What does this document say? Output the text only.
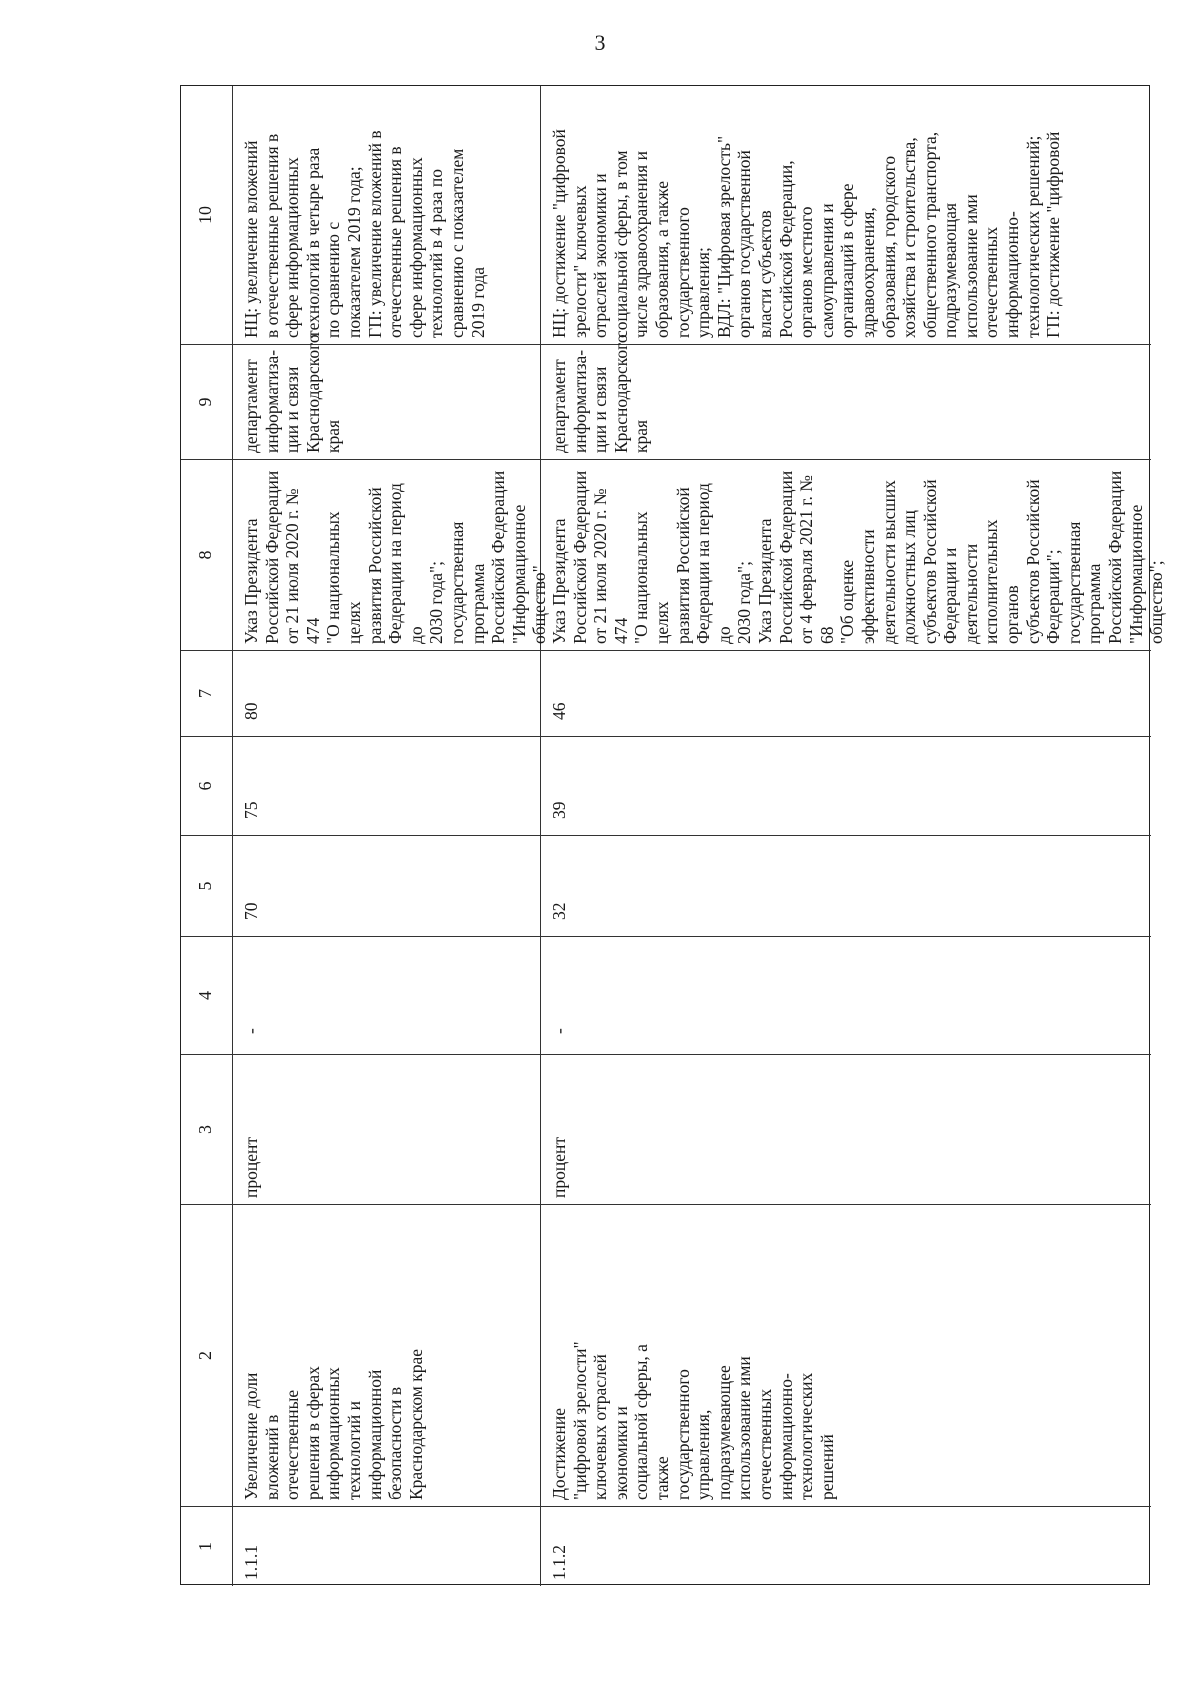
3
1
2
3
4
5
6
7
8
9
10
1.1.1
Увеличение доли
вложений в
отечественные
решения в сферах
информационных
технологий и
информационной
безопасности в
Краснодарском крае
процент
-
70
75
80
Указ Президента
Российской Федерации
от 21 июля 2020 г. № 474
"О национальных целях
развития Российской
Федерации на период до
2030 года";
государственная программа
Российской Федерации
"Информационное
общество"
департамент
информатиза-
ции и связи
Краснодарского
края
НЦ: увеличение вложений
в отечественные решения в
сфере информационных
технологий в четыре раза
по сравнению с
показателем 2019 года;
ГП: увеличение вложений в
отечественные решения в
сфере информационных
технологий в 4 раза по
сравнению с показателем
2019 года
1.1.2
Достижение
"цифровой зрелости"
ключевых отраслей
экономики и
социальной сферы, а
также
государственного
управления,
подразумевающее
использование ими
отечественных
информационно-
технологических
решений
процент
-
32
39
46
Указ Президента
Российской Федерации
от 21 июля 2020 г. № 474
"О национальных целях
развития Российской
Федерации на период до
2030 года";
Указ Президента
Российской Федерации
от 4 февраля 2021 г. № 68
"Об оценке эффективности
деятельности высших
должностных лиц
субъектов Российской
Федерации и деятельности
исполнительных органов
субъектов Российской
Федерации";
государственная программа
Российской Федерации
"Информационное
общество";
департамент
информатиза-
ции и связи
Краснодарского
края
НЦ: достижение "цифровой
зрелости" ключевых
отраслей экономики и
социальной сферы, в том
числе здравоохранения и
образования, а также
государственного
управления;
ВДЛ: "Цифровая зрелость"
органов государственной
власти субъектов
Российской Федерации,
органов местного
самоуправления и
организаций в сфере
здравоохранения,
образования, городского
хозяйства и строительства,
общественного транспорта,
подразумевающая
использование ими
отечественных
информационно-
технологических решений;
ГП: достижение "цифровой
